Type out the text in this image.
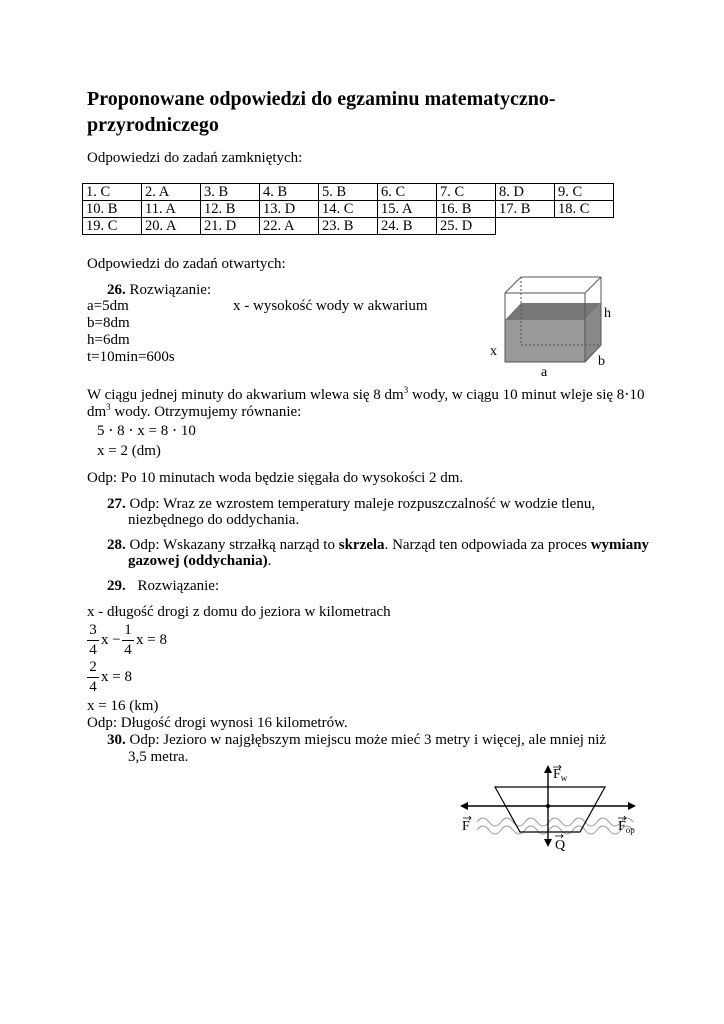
Proponowane odpowiedzi do egzaminu matematyczno-przyrodniczego
Odpowiedzi do zadań zamkniętych:
1. C	2. A	3. B	4. B	5. B	6. C	7. C	8. D	9. C
10. B	11. A	12. B	13. D	14. C	15. A	16. B	17. B	18. C
19. C	20. A	21. D	22. A	23. B	24. B	25. D		
Odpowiedzi do zadań otwartych:
26. Rozwiązanie:
a=5dm	x - wysokość wody w akwarium
b=8dm
h=6dm
t=10min=600s
h
x
b
a
W ciągu jednej minuty do akwarium wlewa się 8 $dm^3$ wody, w ciągu 10 minut wleje się 8⋅10
$dm^3$ wody. Otrzymujemy równanie:
5 ⋅ 8 ⋅ x = 8 ⋅ 10
x = 2 (dm)
Odp: Po 10 minutach woda będzie sięgała do wysokości 2 dm.
27. Odp: Wraz ze wzrostem temperatury maleje rozpuszczalność w wodzie tlenu,
niezbędnego do oddychania.
28. Odp: Wskazany strzałką narząd to skrzela. Narząd ten odpowiada za proces wymiany
gazowej (oddychania).
29. Rozwiązanie:
x - długość drogi z domu do jeziora w kilometrach
3
4
x −
1
4
x = 8
2
4
x = 8
x = 16 (km)
Odp: Długość drogi wynosi 16 kilometrów.
30. Odp: Jezioro w najgłębszym miejscu może mieć 3 metry i więcej, ale mniej niż
3,5 metra.
$F_w$
F	$F_{op}$
Q
